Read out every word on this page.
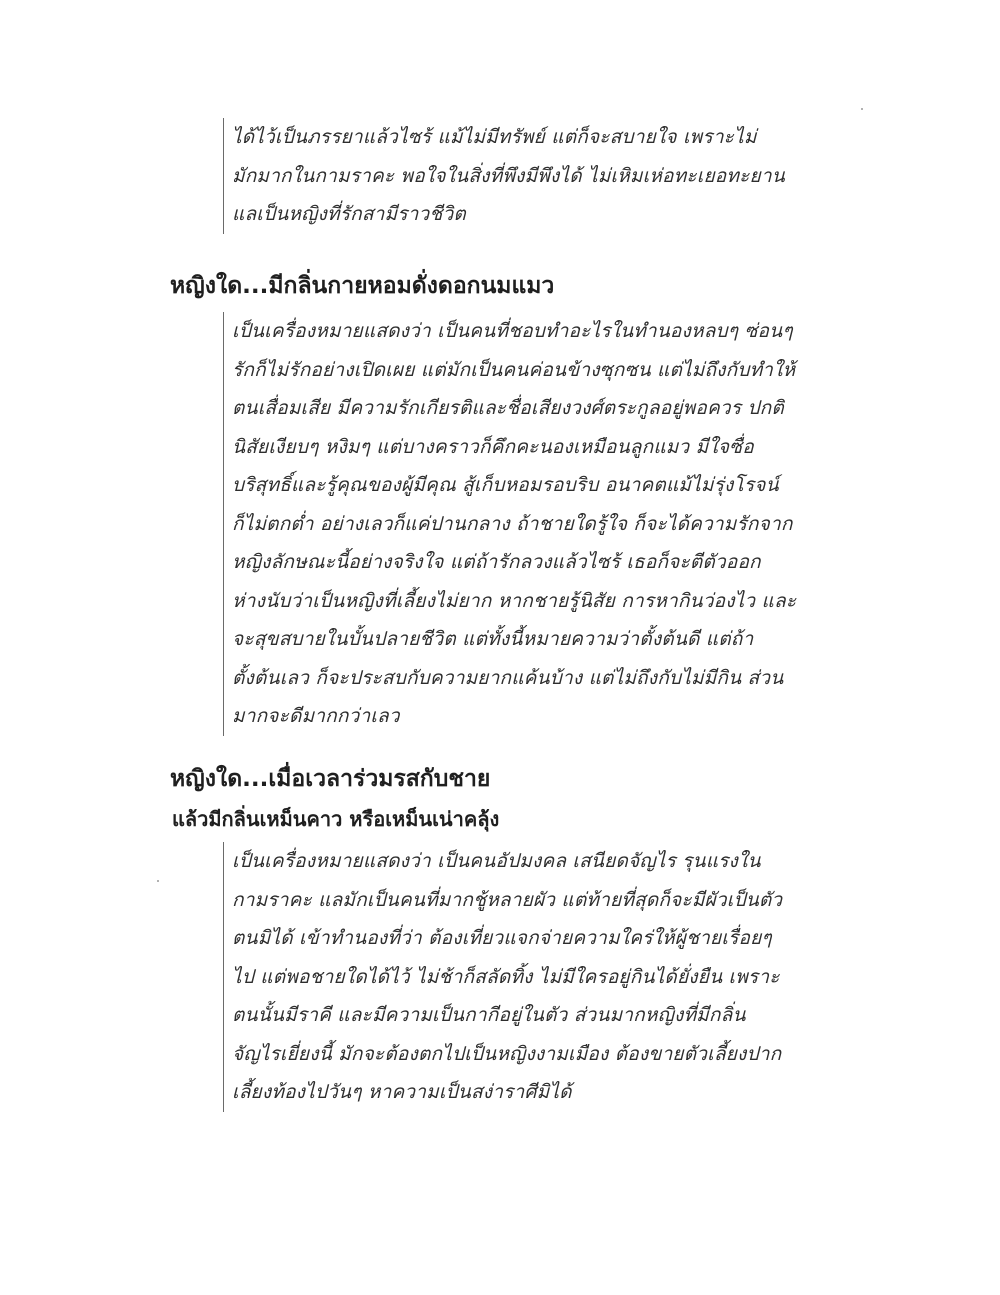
ได้ไว้เป็นภรรยาแล้วไซร้ แม้ไม่มีทรัพย์ แต่ก็จะสบายใจ เพราะไม่
มักมากในกามราคะ พอใจในสิ่งที่พึงมีพึงได้ ไม่เหิมเห่อทะเยอทะยาน
แลเป็นหญิงที่รักสามีราวชีวิต
หญิงใด...มีกลิ่นกายหอมดั่งดอกนมแมว
เป็นเครื่องหมายแสดงว่า เป็นคนที่ชอบทำอะไรในทำนองหลบๆ ซ่อนๆ
รักก็ไม่รักอย่างเปิดเผย แต่มักเป็นคนค่อนข้างซุกซน แต่ไม่ถึงกับทำให้
ตนเสื่อมเสีย มีความรักเกียรติและชื่อเสียงวงศ์ตระกูลอยู่พอควร ปกติ
นิสัยเงียบๆ หงิมๆ แต่บางคราวก็คึกคะนองเหมือนลูกแมว มีใจซื่อ
บริสุทธิ์และรู้คุณของผู้มีคุณ สู้เก็บหอมรอบริบ อนาคตแม้ไม่รุ่งโรจน์
ก็ไม่ตกต่ำ อย่างเลวก็แค่ปานกลาง ถ้าชายใดรู้ใจ ก็จะได้ความรักจาก
หญิงลักษณะนี้อย่างจริงใจ แต่ถ้ารักลวงแล้วไซร้ เธอก็จะตีตัวออก
ห่างนับว่าเป็นหญิงที่เลี้ยงไม่ยาก หากชายรู้นิสัย การหากินว่องไว และ
จะสุขสบายในบั้นปลายชีวิต แต่ทั้งนี้หมายความว่าตั้งต้นดี แต่ถ้า
ตั้งต้นเลว ก็จะประสบกับความยากแค้นบ้าง แต่ไม่ถึงกับไม่มีกิน ส่วน
มากจะดีมากกว่าเลว
หญิงใด...เมื่อเวลาร่วมรสกับชาย
แล้วมีกลิ่นเหม็นคาว หรือเหม็นเน่าคลุ้ง
เป็นเครื่องหมายแสดงว่า เป็นคนอัปมงคล เสนียดจัญไร รุนแรงใน
กามราคะ แลมักเป็นคนที่มากชู้หลายผัว แต่ท้ายที่สุดก็จะมีผัวเป็นตัว
ตนมิได้ เข้าทำนองที่ว่า ต้องเที่ยวแจกจ่ายความใคร่ให้ผู้ชายเรื่อยๆ
ไป แต่พอชายใดได้ไว้ ไม่ช้าก็สลัดทิ้ง ไม่มีใครอยู่กินได้ยั่งยืน เพราะ
ตนนั้นมีราคี และมีความเป็นกากีอยู่ในตัว ส่วนมากหญิงที่มีกลิ่น
จัญไรเยี่ยงนี้ มักจะต้องตกไปเป็นหญิงงามเมือง ต้องขายตัวเลี้ยงปาก
เลี้ยงท้องไปวันๆ หาความเป็นสง่าราศีมิได้
